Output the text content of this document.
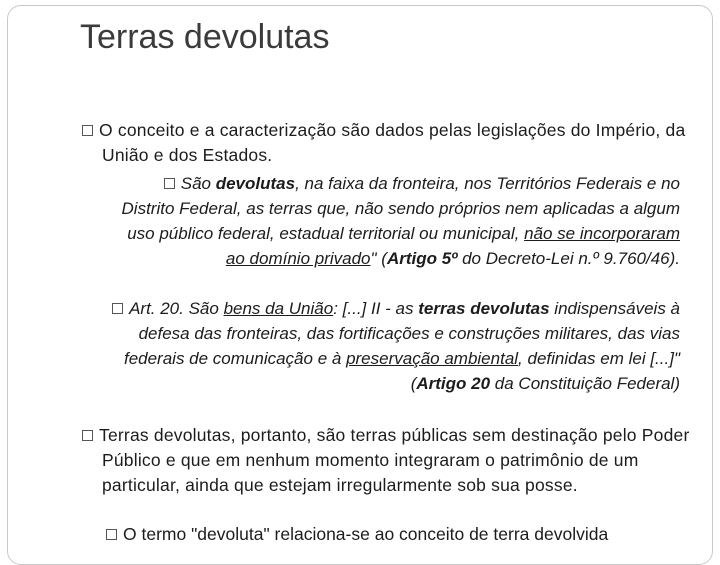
Terras devolutas
O conceito e a caracterização são dados pelas legislações do Império, da União e dos Estados.
São devolutas, na faixa da fronteira, nos Territórios Federais e no Distrito Federal, as terras que, não sendo próprios nem aplicadas a algum uso público federal, estadual territorial ou municipal, não se incorporaram ao domínio privado" (Artigo 5º do Decreto-Lei n.º 9.760/46).
Art. 20. São bens da União: [...] II - as terras devolutas indispensáveis à defesa das fronteiras, das fortificações e construções militares, das vias federais de comunicação e à preservação ambiental, definidas em lei [...]" (Artigo 20 da Constituição Federal)
Terras devolutas, portanto, são terras públicas sem destinação pelo Poder Público e que em nenhum momento integraram o patrimônio de um particular, ainda que estejam irregularmente sob sua posse.
O termo "devoluta" relaciona-se ao conceito de terra devolvida
